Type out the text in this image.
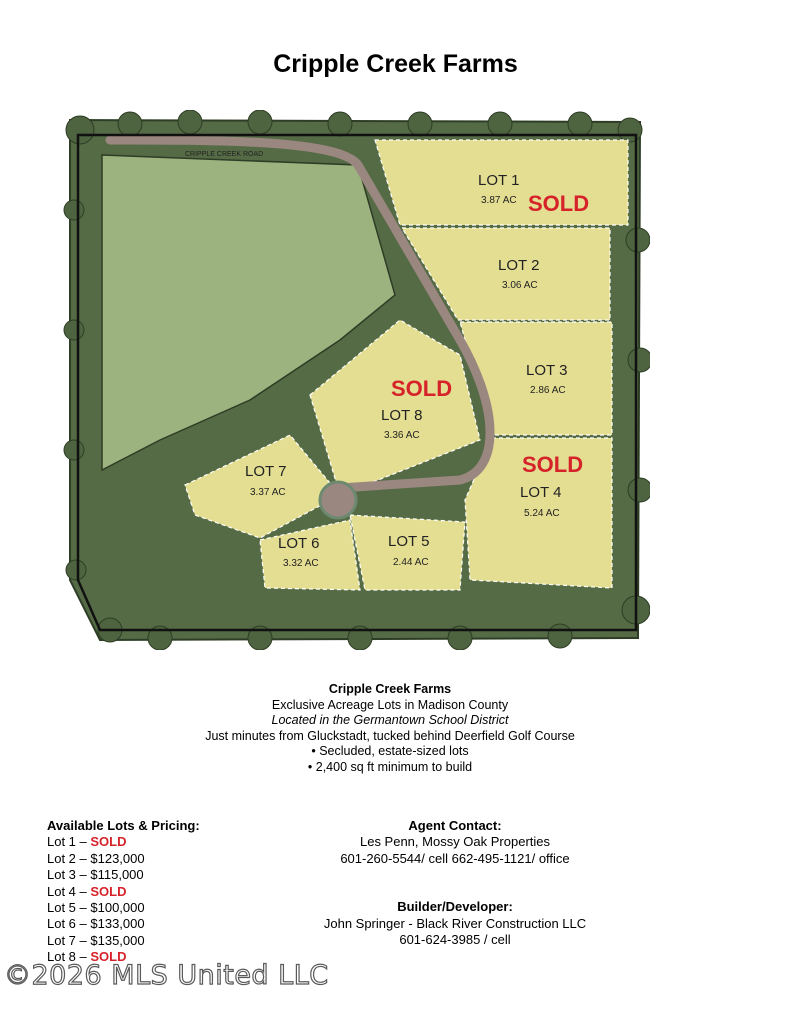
Cripple Creek Farms
CRIPPLE CREEK ROAD
LOT 1
3.87 AC SOLD
LOT 2
3.06 AC
LOT 3
2.86 AC
SOLD
LOT 4
5.24 AC
SOLD
LOT 8
3.36 AC
LOT 7
3.37 AC
LOT 6
3.32 AC
LOT 5
2.44 AC
Cripple Creek Farms
Exclusive Acreage Lots in Madison County
Located in the Germantown School District
Just minutes from Gluckstadt, tucked behind Deerfield Golf Course
• Secluded, estate-sized lots
• 2,400 sq ft minimum to build
Available Lots & Pricing:
Lot 1 – SOLD
Lot 2 – $123,000
Lot 3 – $115,000
Lot 4 – SOLD
Lot 5 – $100,000
Lot 6 – $133,000
Lot 7 – $135,000
Lot 8 – SOLD
Agent Contact:
Les Penn, Mossy Oak Properties
601-260-5544/ cell 662-495-1121/ office
Builder/Developer:
John Springer - Black River Construction LLC
601-624-3985 / cell
©2026 MLS United LLC
